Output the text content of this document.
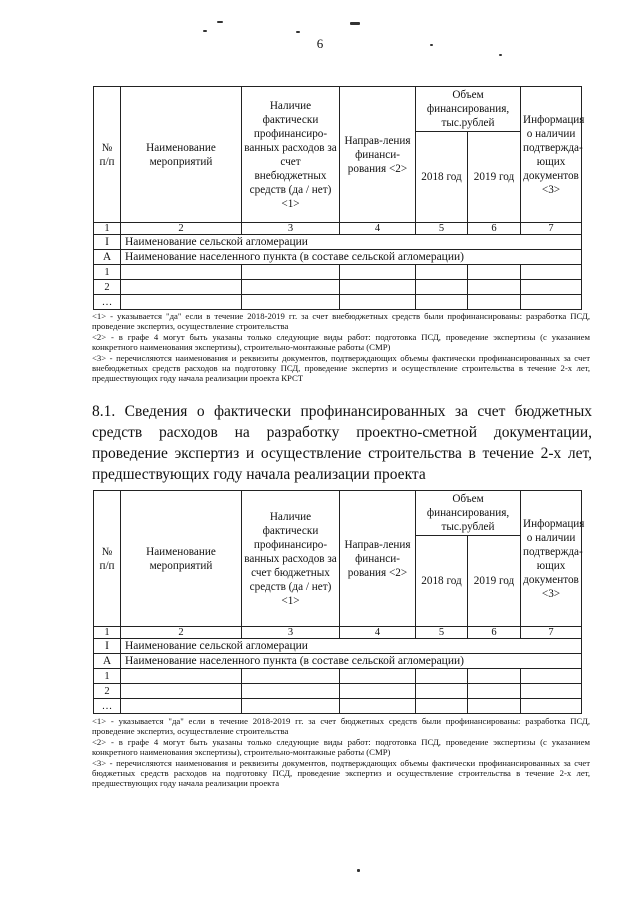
6
№ п/п	Наименование мероприятий	Наличие фактически профинансиро-ванных расходов за счет внебюджетных средств (да / нет) <1>	Направ-ления финанси-рования <2>	Объем финансирования, тыс.рублей		Информация о наличии подтвержда-ющих документов <3>
				2018 год	2019 год	
1	2	3	4	5	6	7
I	Наименование сельской агломерации					
A	Наименование населенного пункта (в составе сельской агломерации)					
1						
2						
…						

<1> - указывается "да" если в течение 2018-2019 гг. за счет внебюджетных средств были профинансированы: разработка ПСД, проведение экспертиз, осуществление строительства

<2> - в графе 4 могут быть указаны только следующие виды работ: подготовка ПСД, проведение экспертизы (с указанием конкретного наименования экспертизы), строительно-монтажные работы (СМР)

<3> - перечисляются наименования и реквизиты документов, подтверждающих объемы фактически профинансированных за счет внебюджетных средств расходов на подготовку ПСД, проведение экспертиз и осуществление строительства в течение 2-х лет, предшествующих году начала реализации проекта КРСТ

8.1. Сведения о фактически профинансированных за счет бюджетных средств расходов на разработку проектно-сметной документации, проведение экспертиз и осуществление строительства в течение 2-х лет, предшествующих году начала реализации проекта
№ п/п	Наименование мероприятий	Наличие фактически профинансиро-ванных расходов за счет бюджетных средств (да / нет) <1>	Направ-ления финанси-рования <2>	Объем финансирования, тыс.рублей		Информация о наличии подтвержда-ющих документов <3>
				2018 год	2019 год	
1	2	3	4	5	6	7
I	Наименование сельской агломерации					
A	Наименование населенного пункта (в составе сельской агломерации)					
1						
2						
…						

<1> - указывается "да" если в течение 2018-2019 гг. за счет бюджетных средств были профинансированы: разработка ПСД, проведение экспертиз, осуществление строительства

<2> - в графе 4 могут быть указаны только следующие виды работ: подготовка ПСД, проведение экспертизы (с указанием конкретного наименования экспертизы), строительно-монтажные работы (СМР)

<3> - перечисляются наименования и реквизиты документов, подтверждающих объемы фактически профинансированных за счет бюджетных средств расходов на подготовку ПСД, проведение экспертиз и осуществление строительства в течение 2-х лет, предшествующих году начала реализации проекта
